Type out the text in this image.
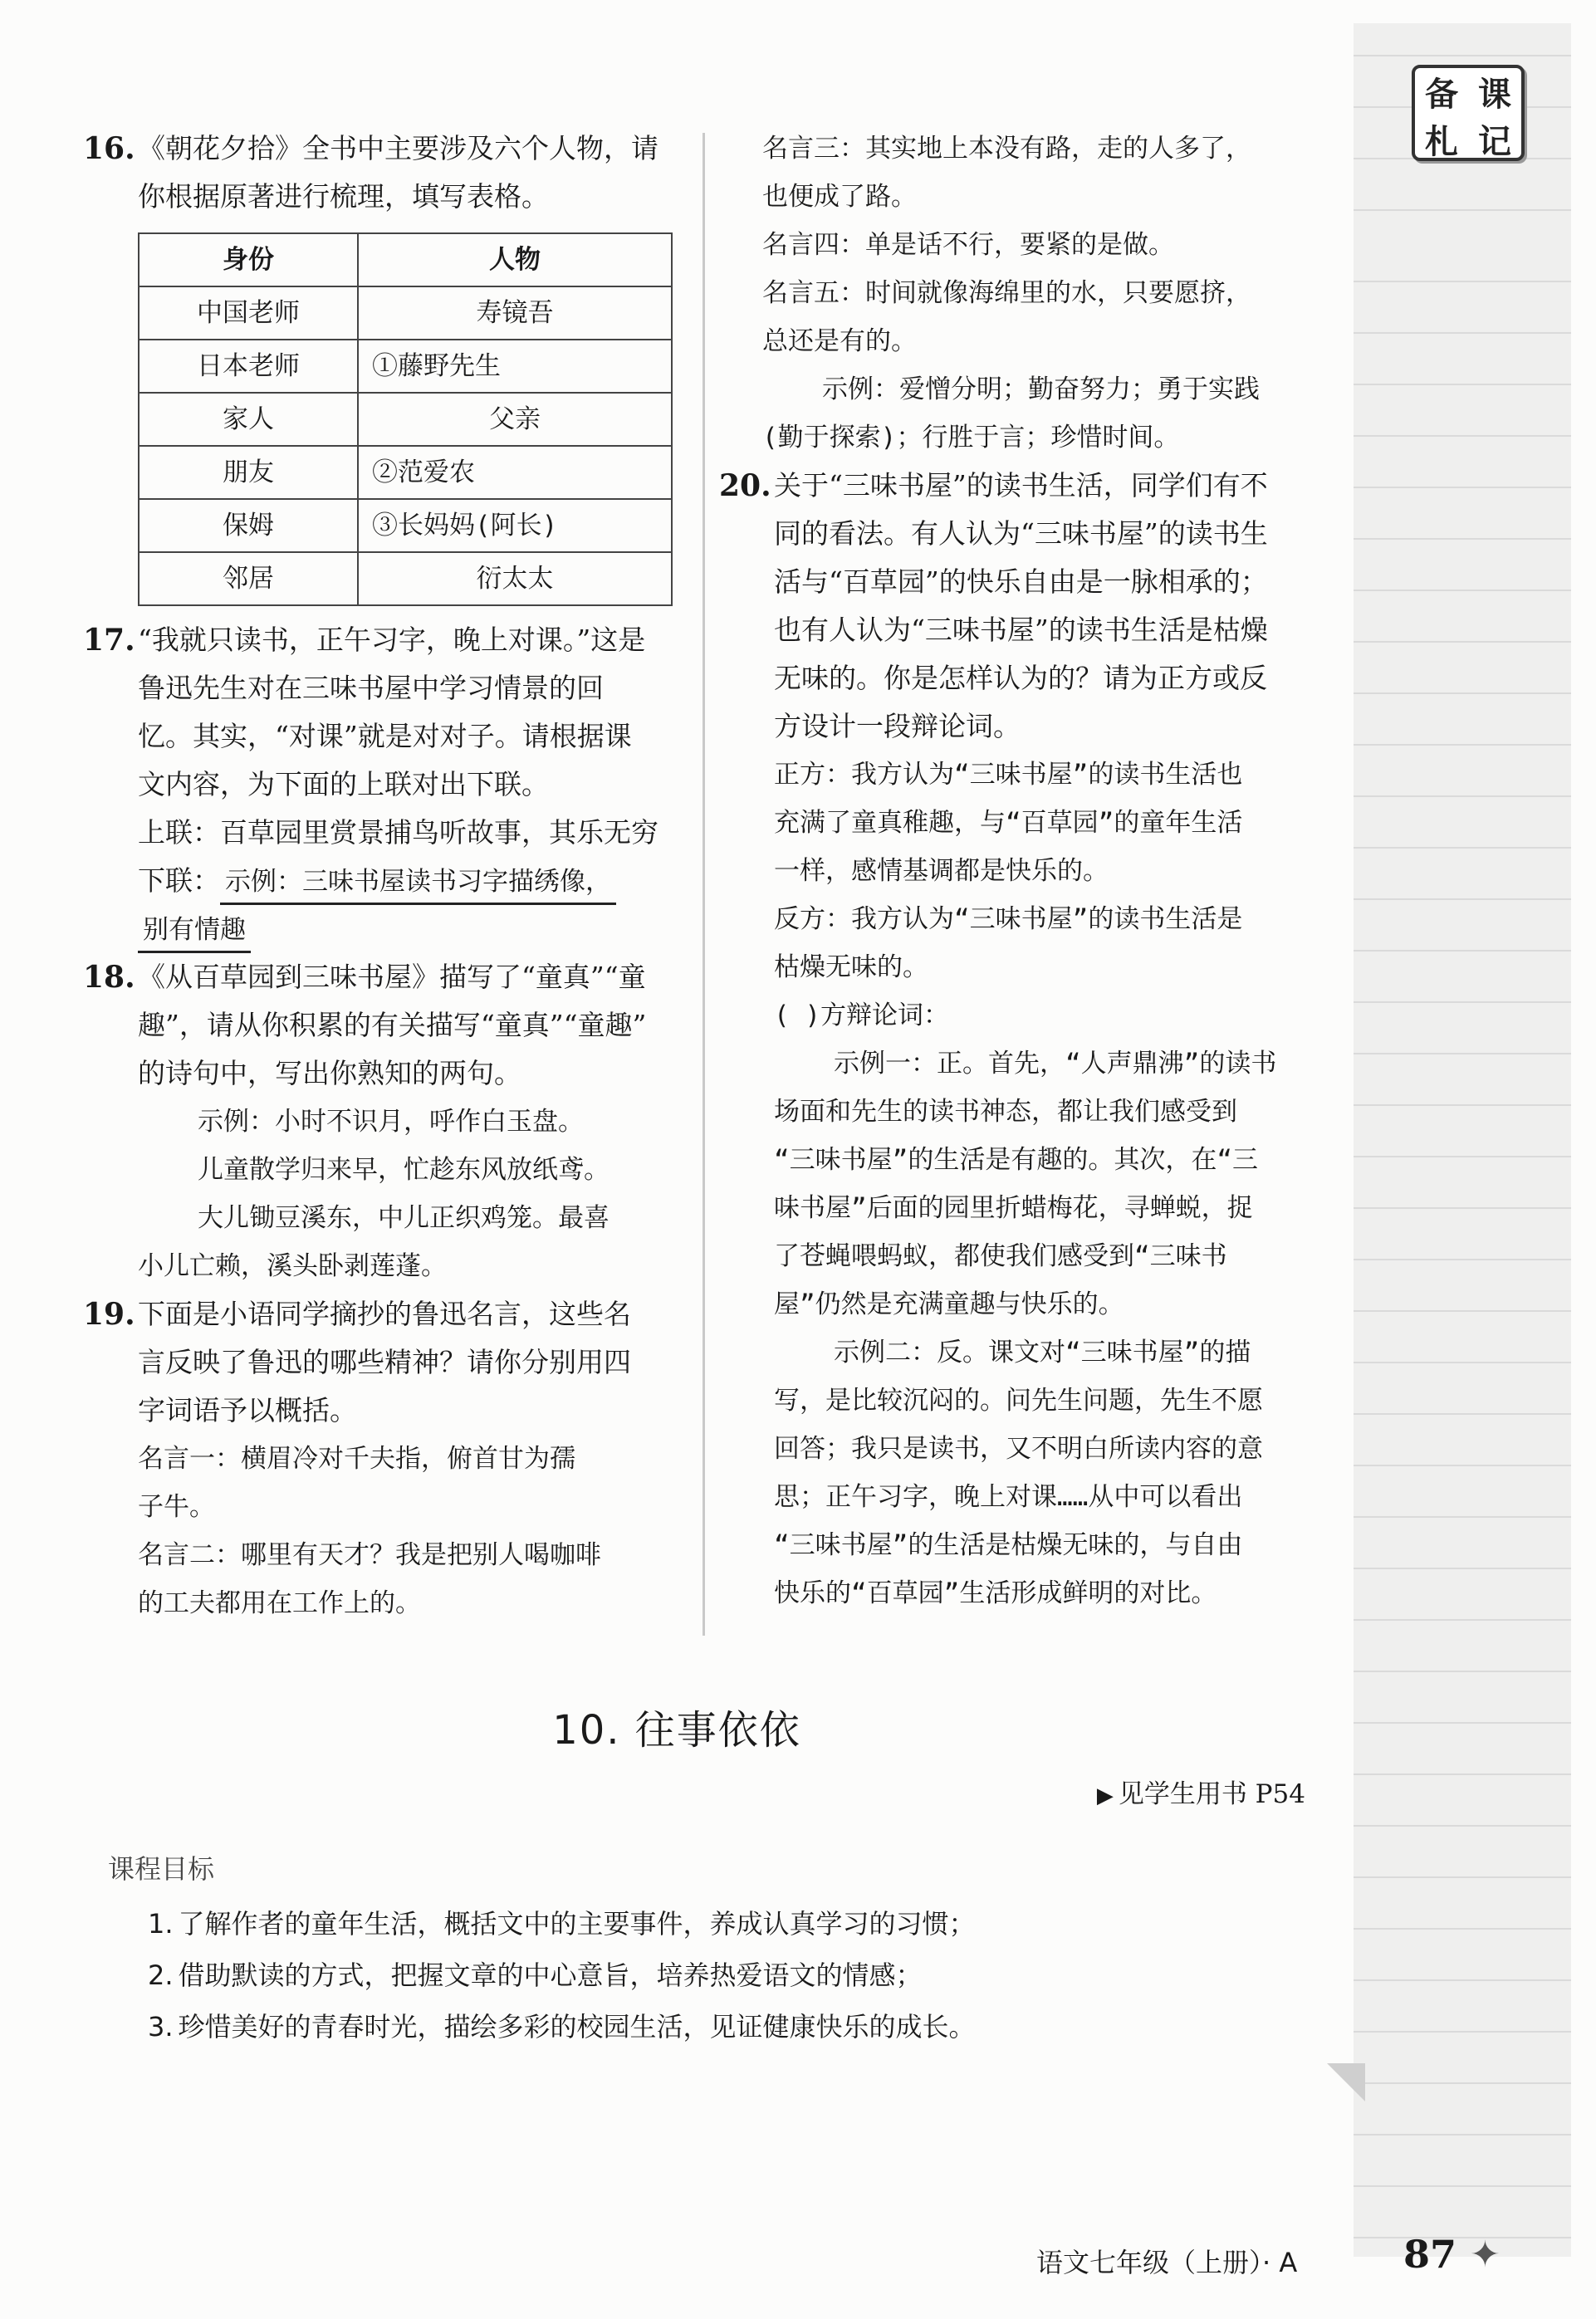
备 课
札 记
16. 《朝花夕拾》全书中主要涉及六个人物，请

你根据原著进行梳理，填写表格。

身份	人物
中国老师	寿镜吾
日本老师	①藤野先生
家人	父亲
朋友	②范爱农
保姆	③长妈妈(阿长)
邻居	衍太太
17. “我就只读书，正午习字，晚上对课。”这是

鲁迅先生对在三味书屋中学习情景的回

忆。其实，“对课”就是对对子。请根据课

文内容，为下面的上联对出下联。

上联：百草园里赏景捕鸟听故事，其乐无穷

下联： 示例：三味书屋读书习字描绣像，

别有情趣

18. 《从百草园到三味书屋》描写了“童真”“童

趣”，请从你积累的有关描写“童真”“童趣”

的诗句中，写出你熟知的两句。

示例：小时不识月，呼作白玉盘。

儿童散学归来早，忙趁东风放纸鸢。

大儿锄豆溪东，中儿正织鸡笼。最喜

小儿亡赖，溪头卧剥莲蓬。

19. 下面是小语同学摘抄的鲁迅名言，这些名

言反映了鲁迅的哪些精神？请你分别用四

字词语予以概括。

名言一：横眉冷对千夫指，俯首甘为孺

子牛。

名言二：哪里有天才？我是把别人喝咖啡

的工夫都用在工作上的。

名言三：其实地上本没有路，走的人多了，

也便成了路。

名言四：单是话不行，要紧的是做。

名言五：时间就像海绵里的水，只要愿挤，

总还是有的。

示例：爱憎分明；勤奋努力；勇于实践

(勤于探索)；行胜于言；珍惜时间。

20. 关于“三味书屋”的读书生活，同学们有不

同的看法。有人认为“三味书屋”的读书生

活与“百草园”的快乐自由是一脉相承的；

也有人认为“三味书屋”的读书生活是枯燥

无味的。你是怎样认为的？请为正方或反

方设计一段辩论词。

正方：我方认为“三味书屋”的读书生活也

充满了童真稚趣，与“百草园”的童年生活

一样，感情基调都是快乐的。

反方：我方认为“三味书屋”的读书生活是

枯燥无味的。

( )方辩论词：

示例一：正。首先，“人声鼎沸”的读书

场面和先生的读书神态，都让我们感受到

“三味书屋”的生活是有趣的。其次，在“三

味书屋”后面的园里折蜡梅花，寻蝉蜕，捉

了苍蝇喂蚂蚁，都使我们感受到“三味书

屋”仍然是充满童趣与快乐的。

示例二：反。课文对“三味书屋”的描

写，是比较沉闷的。问先生问题，先生不愿

回答；我只是读书，又不明白所读内容的意

思；正午习字，晚上对课……从中可以看出

“三味书屋”的生活是枯燥无味的，与自由

快乐的“百草园”生活形成鲜明的对比。

10. 往事依依
▶ 见学生用书 P54
课程目标

1. 了解作者的童年生活，概括文中的主要事件，养成认真学习的习惯；

2. 借助默读的方式，把握文章的中心意旨，培养热爱语文的情感；

3. 珍惜美好的青春时光，描绘多彩的校园生活，见证健康快乐的成长。

语文七年级（上册）· A	87 ✦
